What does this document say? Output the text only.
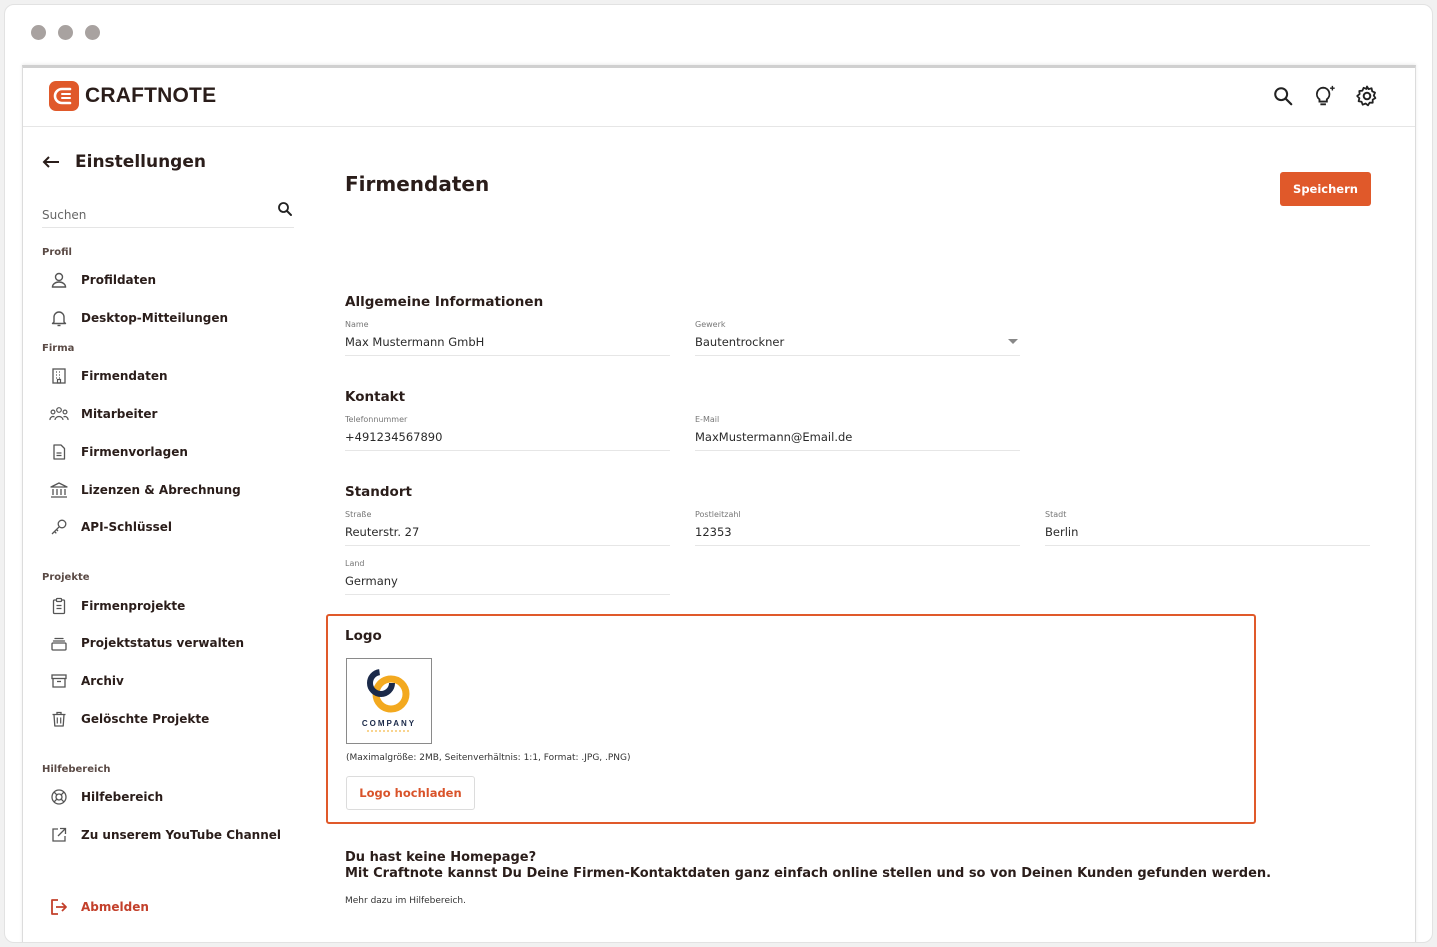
CRAFTNOTE
Einstellungen
Suchen
Profil
Profildaten
Desktop-Mitteilungen
Firma
Firmendaten
Mitarbeiter
Firmenvorlagen
Lizenzen & Abrechnung
API-Schlüssel
Projekte
Firmenprojekte
Projektstatus verwalten
Archiv
Gelöschte Projekte
Hilfebereich
Hilfebereich
Zu unserem YouTube Channel
Abmelden
Firmendaten	Speichern
Allgemeine Informationen
Name
Max Mustermann GmbH
Gewerk
Bautentrockner
Kontakt
Telefonnummer
+491234567890
E-Mail
MaxMustermann@Email.de
Standort
Straße
Reuterstr. 27
Postleitzahl
12353
Stadt
Berlin
Land
Germany
Logo
COMPANY
(Maximalgröße: 2MB, Seitenverhältnis: 1:1, Format: .JPG, .PNG)
Logo hochladen
Du hast keine Homepage?
Mit Craftnote kannst Du Deine Firmen-Kontaktdaten ganz einfach online stellen und so von Deinen Kunden gefunden werden.
Mehr dazu im Hilfebereich.
